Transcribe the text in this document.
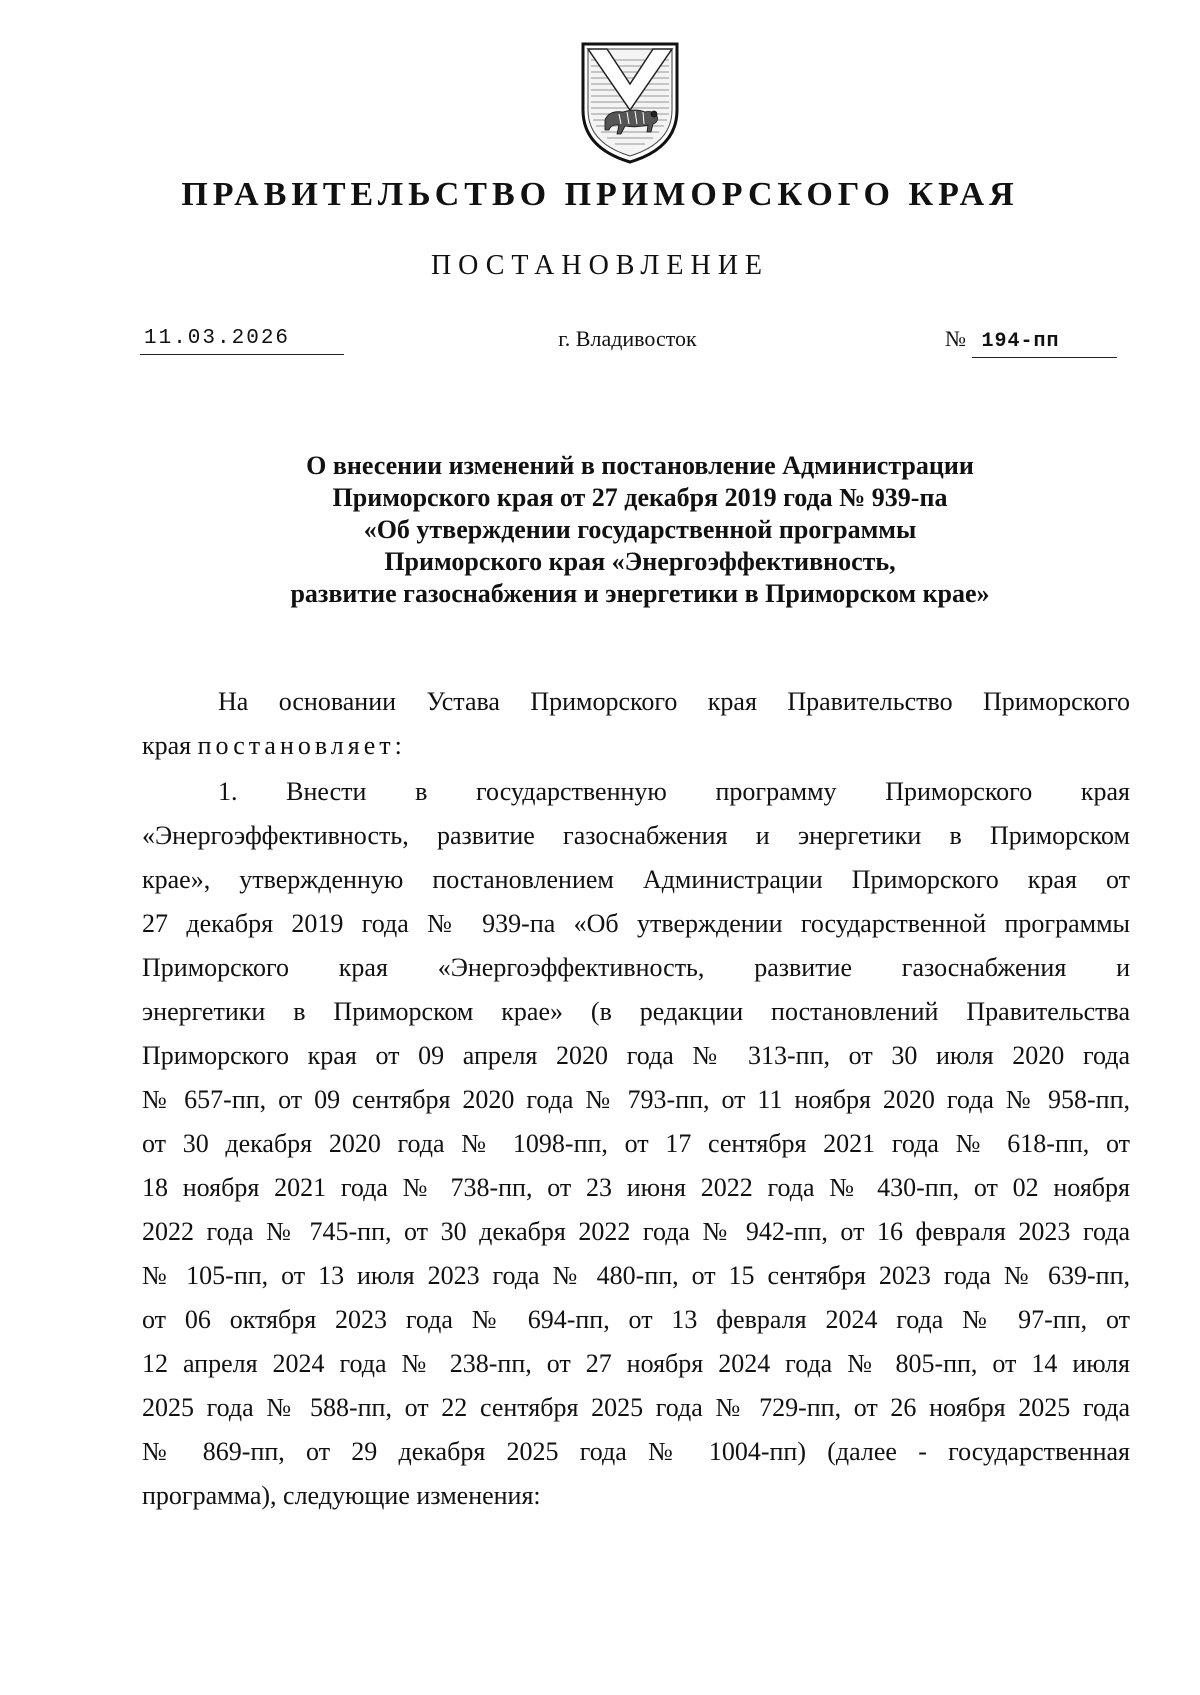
ПРАВИТЕЛЬСТВО ПРИМОРСКОГО КРАЯ
ПОСТАНОВЛЕНИЕ
11.03.2026	г. Владивосток	№ 194-пп
О внесении изменений в постановление Администрации
Приморского края от 27 декабря 2019 года № 939-па
«Об утверждении государственной программы
Приморского края «Энергоэффективность,
развитие газоснабжения и энергетики в Приморском крае»
На основании Устава Приморского края Правительство Приморского
края постановляет:
1. Внести в государственную программу Приморского края
«Энергоэффективность, развитие газоснабжения и энергетики в Приморском
крае», утвержденную постановлением Администрации Приморского края от
27 декабря 2019 года № 939-па «Об утверждении государственной программы
Приморского края «Энергоэффективность, развитие газоснабжения и
энергетики в Приморском крае» (в редакции постановлений Правительства
Приморского края от 09 апреля 2020 года № 313-пп, от 30 июля 2020 года
№ 657-пп, от 09 сентября 2020 года № 793-пп, от 11 ноября 2020 года № 958-пп,
от 30 декабря 2020 года № 1098-пп, от 17 сентября 2021 года № 618-пп, от
18 ноября 2021 года № 738-пп, от 23 июня 2022 года № 430-пп, от 02 ноября
2022 года № 745-пп, от 30 декабря 2022 года № 942-пп, от 16 февраля 2023 года
№ 105-пп, от 13 июля 2023 года № 480-пп, от 15 сентября 2023 года № 639-пп,
от 06 октября 2023 года № 694-пп, от 13 февраля 2024 года № 97-пп, от
12 апреля 2024 года № 238-пп, от 27 ноября 2024 года № 805-пп, от 14 июля
2025 года № 588-пп, от 22 сентября 2025 года № 729-пп, от 26 ноября 2025 года
№ 869-пп, от 29 декабря 2025 года № 1004-пп) (далее - государственная
программа), следующие изменения:
